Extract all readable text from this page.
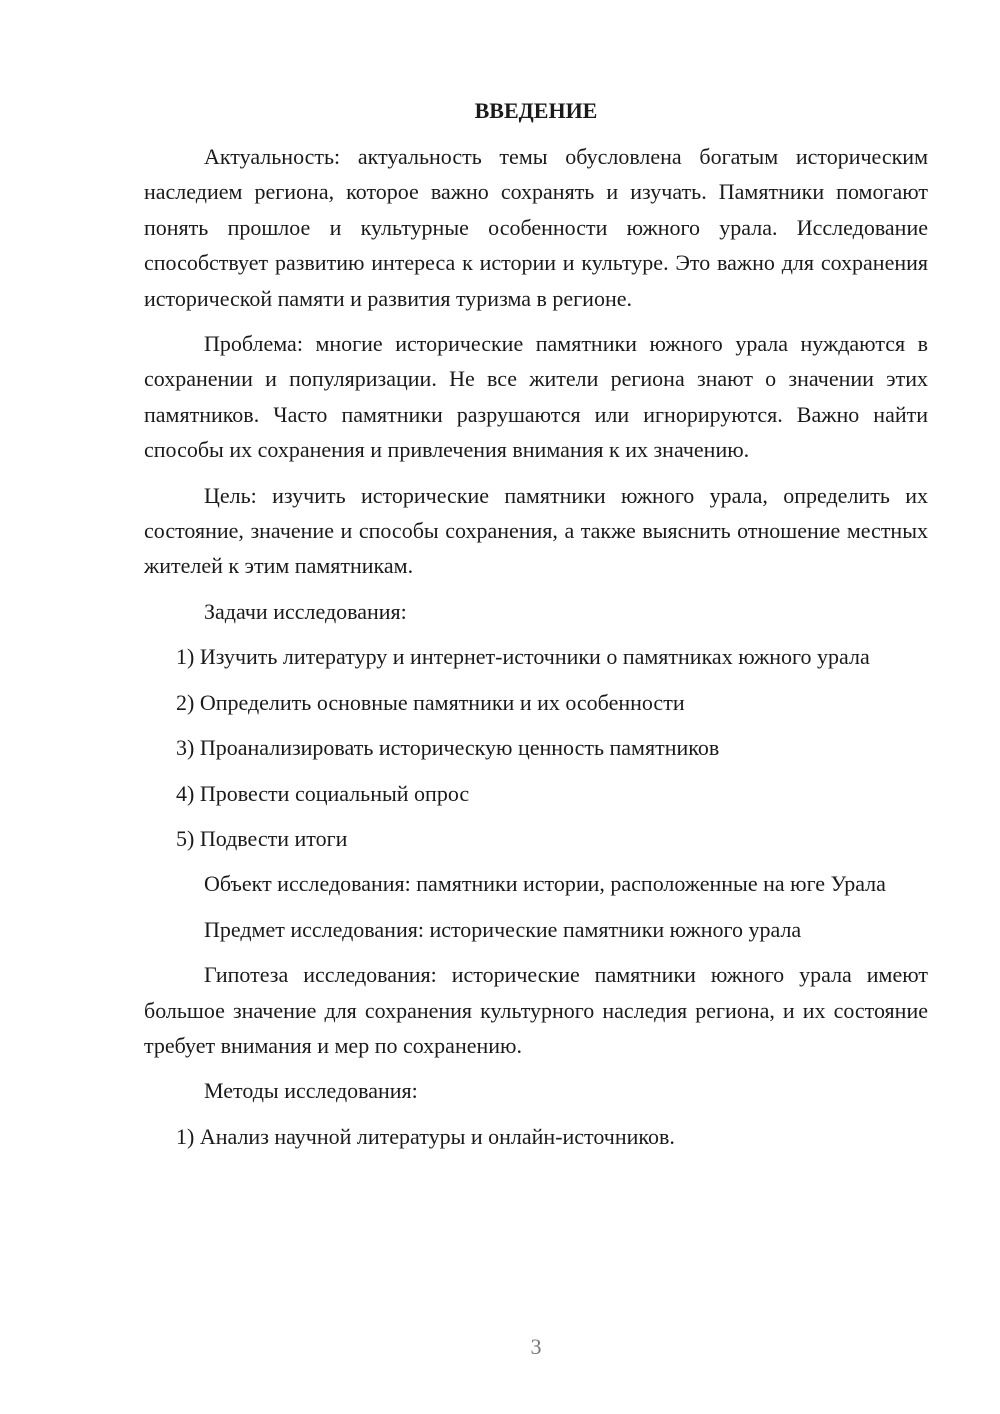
ВВЕДЕНИЕ

Актуальность: актуальность темы обусловлена богатым историческим наследием региона, которое важно сохранять и изучать. Памятники помогают понять прошлое и культурные особенности южного урала. Исследование способствует развитию интереса к истории и культуре. Это важно для сохранения исторической памяти и развития туризма в регионе.

Проблема: многие исторические памятники южного урала нуждаются в сохранении и популяризации. Не все жители региона знают о значении этих памятников. Часто памятники разрушаются или игнорируются. Важно найти способы их сохранения и привлечения внимания к их значению.

Цель: изучить исторические памятники южного урала, определить их состояние, значение и способы сохранения, а также выяснить отношение местных жителей к этим памятникам.

Задачи исследования:

1) Изучить литературу и интернет-источники о памятниках южного урала

2) Определить основные памятники и их особенности

3) Проанализировать историческую ценность памятников

4) Провести социальный опрос

5) Подвести итоги

Объект исследования: памятники истории, расположенные на юге Урала

Предмет исследования: исторические памятники южного урала

Гипотеза исследования: исторические памятники южного урала имеют большое значение для сохранения культурного наследия региона, и их состояние требует внимания и мер по сохранению.

Методы исследования:

1) Анализ научной литературы и онлайн-источников.

3
